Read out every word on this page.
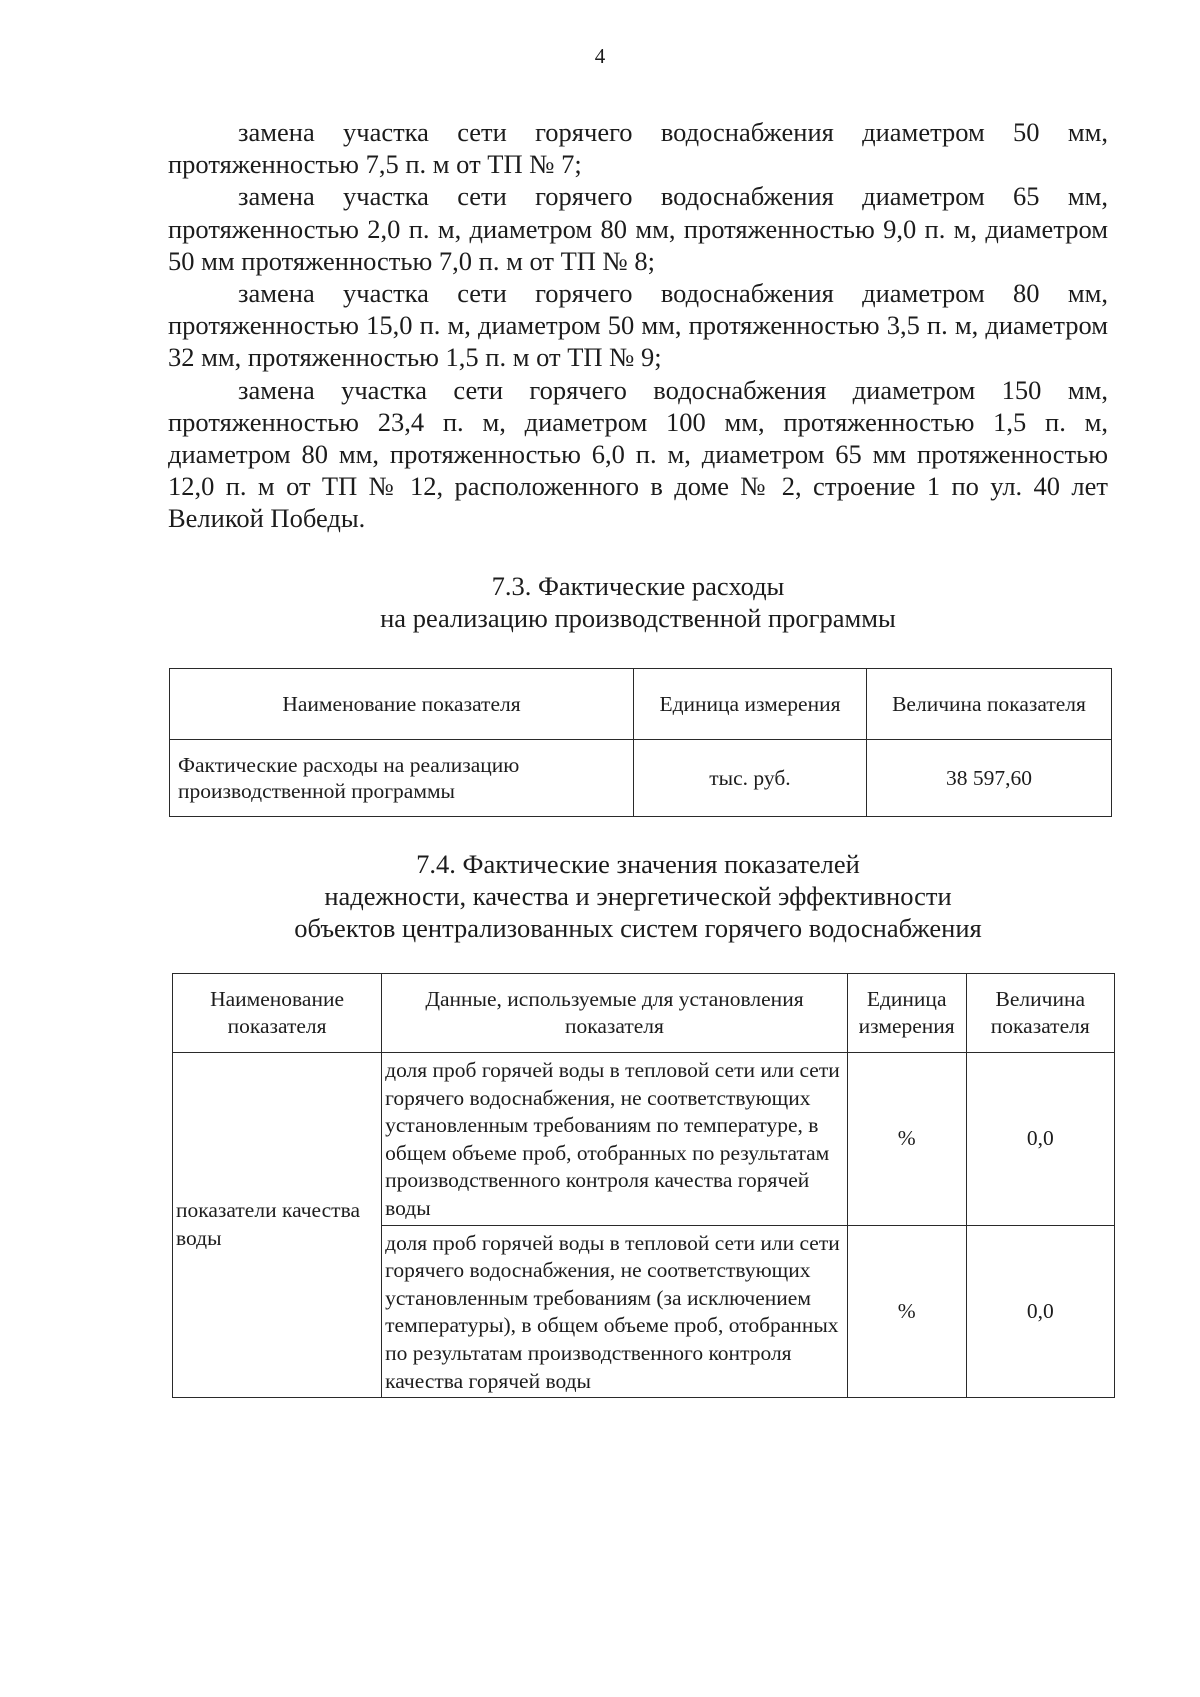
4

замена участка сети горячего водоснабжения диаметром 50 мм, протяженностью 7,5 п. м от ТП № 7;

замена участка сети горячего водоснабжения диаметром 65 мм, протяженностью 2,0 п. м, диаметром 80 мм, протяженностью 9,0 п. м, диаметром 50 мм протяженностью 7,0 п. м от ТП № 8;

замена участка сети горячего водоснабжения диаметром 80 мм, протяженностью 15,0 п. м, диаметром 50 мм, протяженностью 3,5 п. м, диаметром 32 мм, протяженностью 1,5 п. м от ТП № 9;

замена участка сети горячего водоснабжения диаметром 150 мм, протяженностью 23,4 п. м, диаметром 100 мм, протяженностью 1,5 п. м, диаметром 80 мм, протяженностью 6,0 п. м, диаметром 65 мм протяженностью 12,0 п. м от ТП № 12, расположенного в доме № 2, строение 1 по ул. 40 лет Великой Победы.

7.3. Фактические расходы
на реализацию производственной программы
Наименование показателя	Единица измерения	Величина показателя
Фактические расходы на реализацию производственной программы	тыс. руб.	38 597,60
7.4. Фактические значения показателей
надежности, качества и энергетической эффективности
объектов централизованных систем горячего водоснабжения
Наименование показателя	Данные, используемые для установления показателя	Единица измерения	Величина показателя
показатели качества воды	доля проб горячей воды в тепловой сети или сети горячего водоснабжения, не соответствующих установленным требованиям по температуре, в общем объеме проб, отобранных по результатам производственного контроля качества горячей воды	%	0,0
	доля проб горячей воды в тепловой сети или сети горячего водоснабжения, не соответствующих установленным требованиям (за исключением температуры), в общем объеме проб, отобранных по результатам производственного контроля качества горячей воды	%	0,0
